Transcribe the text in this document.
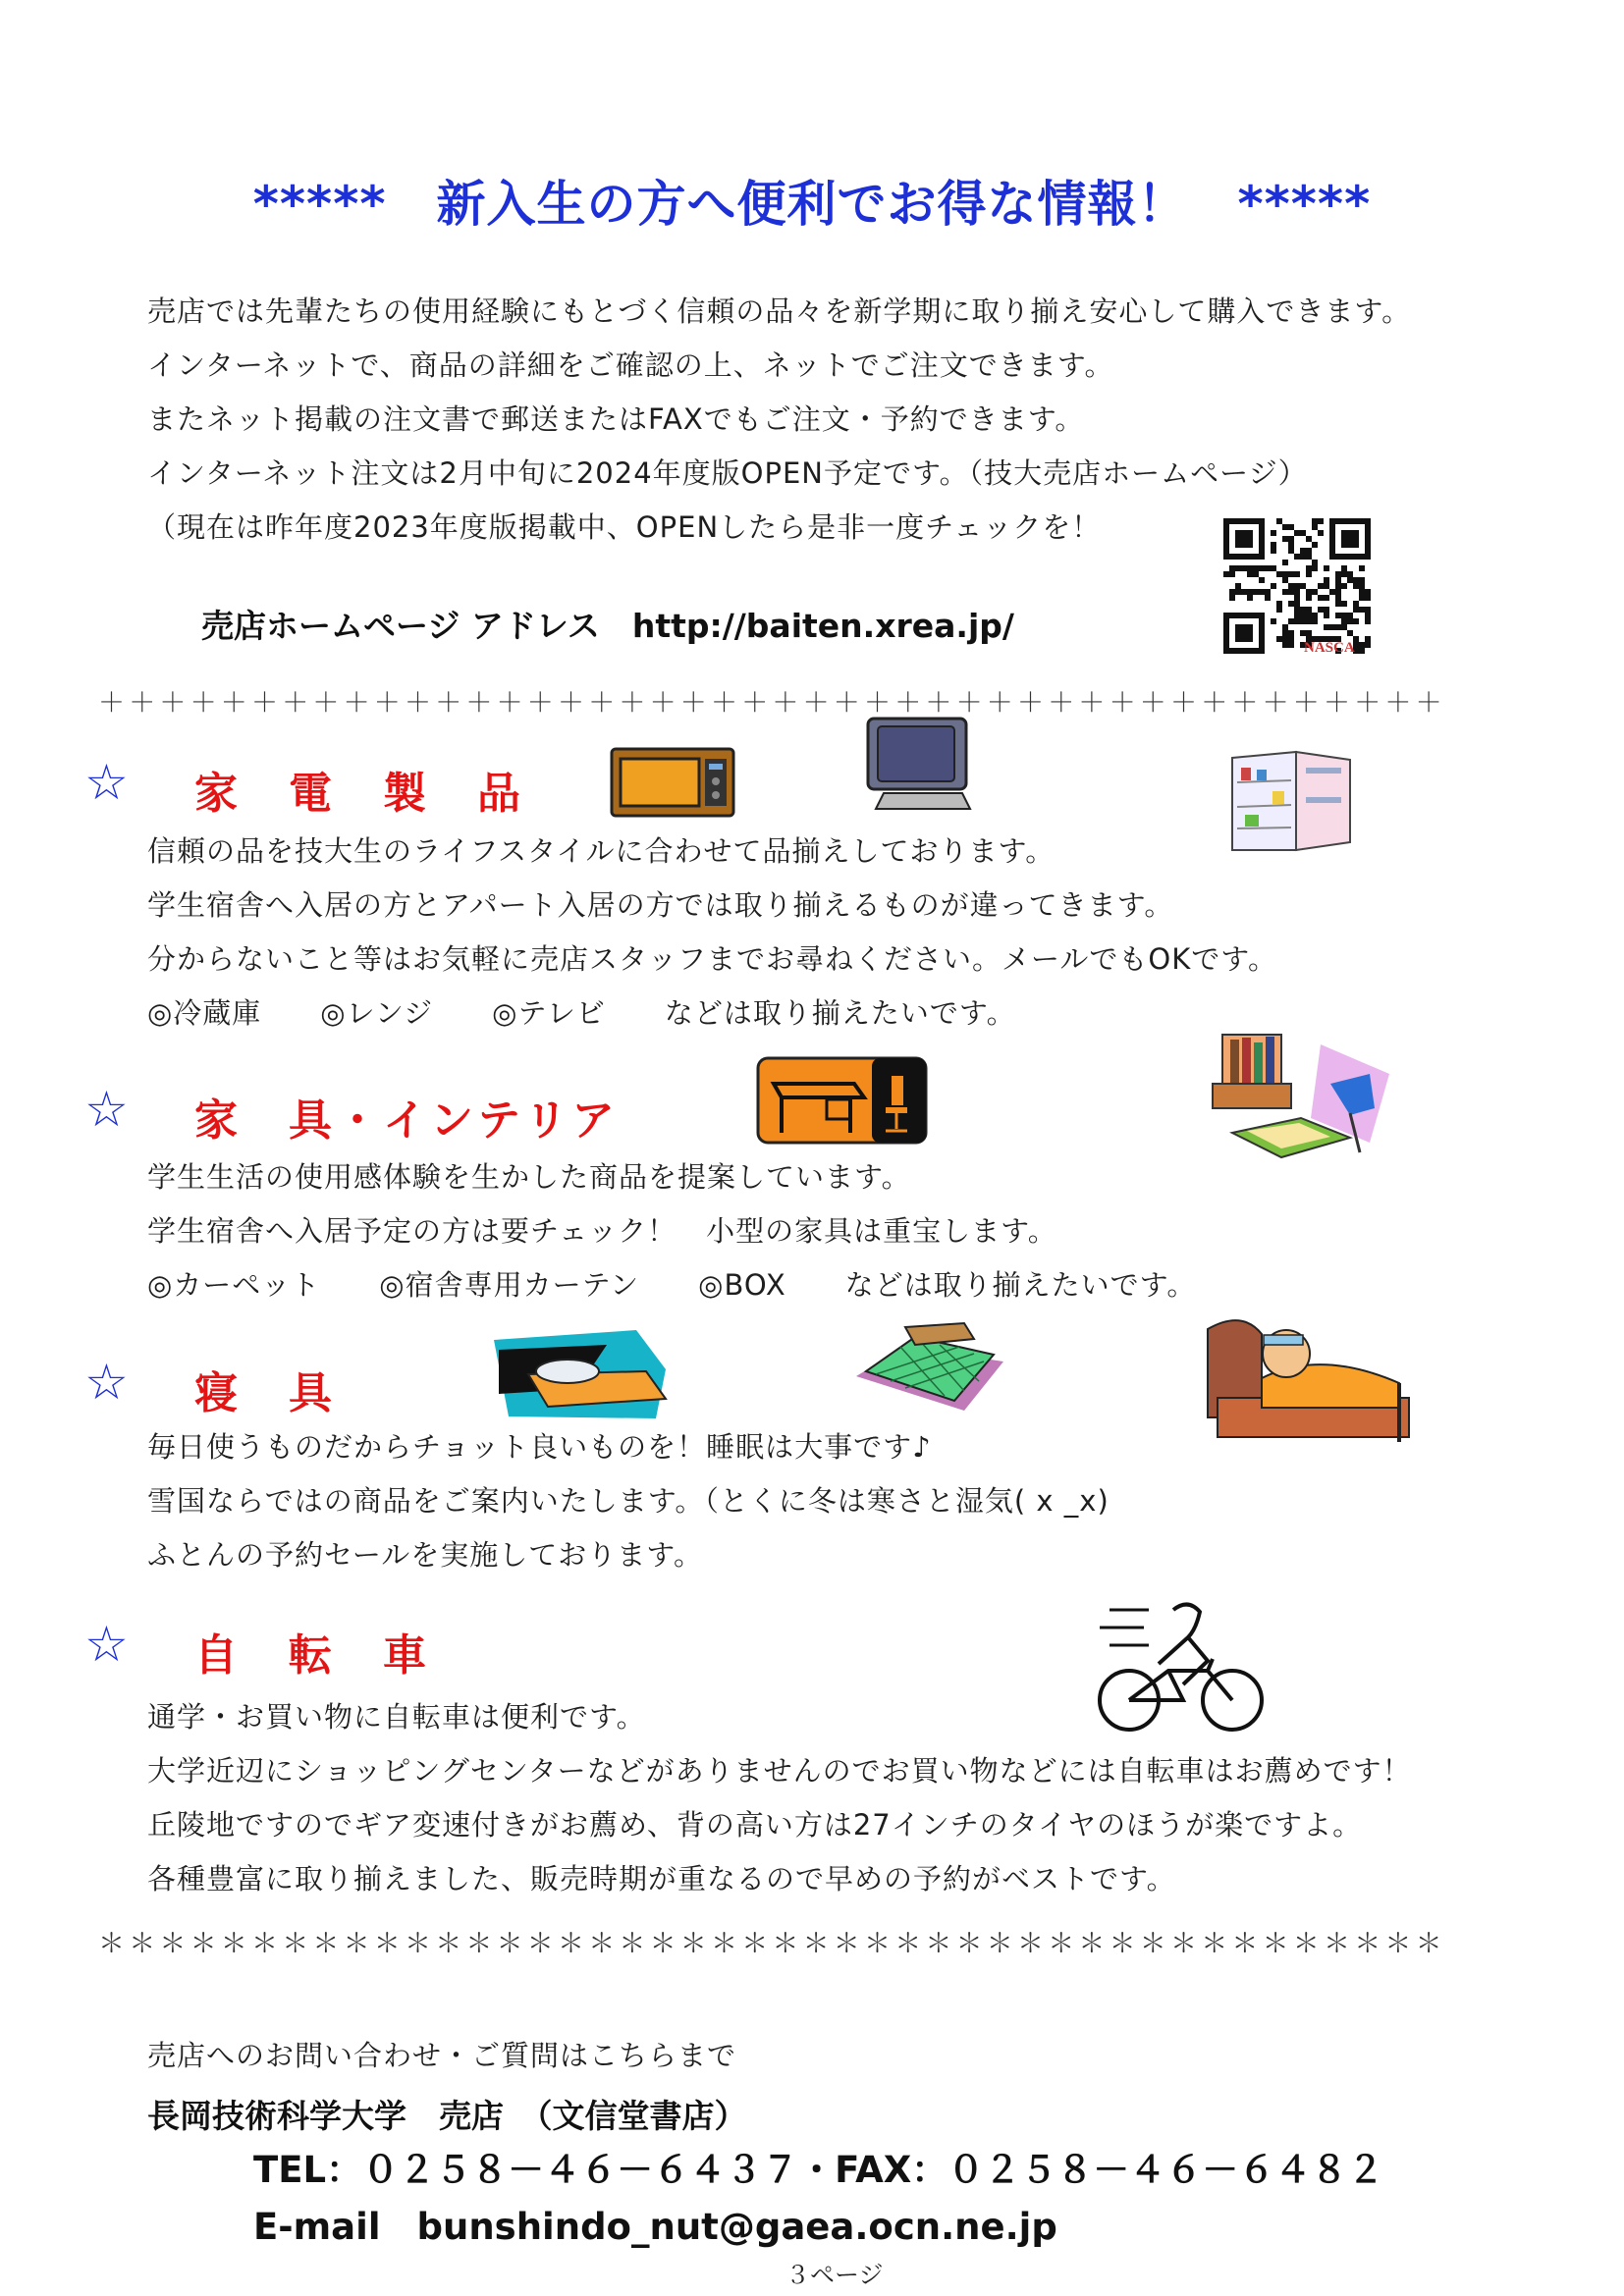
*****　新入生の方へ便利でお得な情報！　*****
売店では先輩たちの使用経験にもとづく信頼の品々を新学期に取り揃え安心して購入できます。
インターネットで、商品の詳細をご確認の上、ネットでご注文できます。
またネット掲載の注文書で郵送またはFAXでもご注文・予約できます。
インターネット注文は2月中旬に2024年度版OPEN予定です。（技大売店ホームページ）
（現在は昨年度2023年度版掲載中、OPENしたら是非一度チェックを！
売店ホームページ アドレス　http://baiten.xrea.jp/
NASCA
＋＋＋＋＋＋＋＋＋＋＋＋＋＋＋＋＋＋＋＋＋＋＋＋＋＋＋＋＋＋＋＋＋＋＋＋＋＋＋＋＋＋＋＋
☆ 家　電　製　品
信頼の品を技大生のライフスタイルに合わせて品揃えしております。
学生宿舎へ入居の方とアパート入居の方では取り揃えるものが違ってきます。
分からないこと等はお気軽に売店スタッフまでお尋ねください。メールでもOKです。
◎冷蔵庫　　◎レンジ　　◎テレビ　　などは取り揃えたいです。
☆ 家　具・インテリア
学生生活の使用感体験を生かした商品を提案しています。
学生宿舎へ入居予定の方は要チェック！　小型の家具は重宝します。
◎カーペット　　◎宿舎専用カーテン　　◎BOX　　などは取り揃えたいです。
☆ 寝　具
毎日使うものだからチョット良いものを！睡眠は大事です♪
雪国ならではの商品をご案内いたします。（とくに冬は寒さと湿気( x _x)
ふとんの予約セールを実施しております。
☆ 自　転　車
通学・お買い物に自転車は便利です。
大学近辺にショッピングセンターなどがありませんのでお買い物などには自転車はお薦めです！
丘陵地ですのでギア変速付きがお薦め、背の高い方は27インチのタイヤのほうが楽ですよ。
各種豊富に取り揃えました、販売時期が重なるので早めの予約がベストです。
＊＊＊＊＊＊＊＊＊＊＊＊＊＊＊＊＊＊＊＊＊＊＊＊＊＊＊＊＊＊＊＊＊＊＊＊＊＊＊＊＊＊＊＊
売店へのお問い合わせ・ご質問はこちらまで
長岡技術科学大学　売店　（文信堂書店）
TEL：０２５８－４６－６４３７・FAX：０２５８－４６－６４８２
E-mail　bunshindo_nut@gaea.ocn.ne.jp
３ページ
